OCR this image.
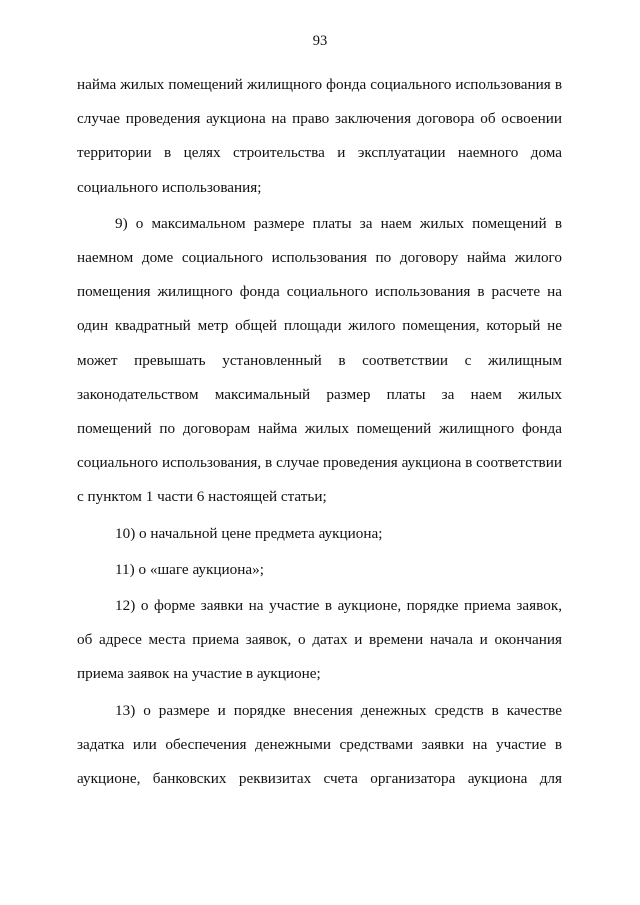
93

найма жилых помещений жилищного фонда социального использования в случае проведения аукциона на право заключения договора об освоении территории в целях строительства и эксплуатации наемного дома социального использования;

9) о максимальном размере платы за наем жилых помещений в наемном доме социального использования по договору найма жилого помещения жилищного фонда социального использования в расчете на один квадратный метр общей площади жилого помещения, который не может превышать установленный в соответствии с жилищным законодательством максимальный размер платы за наем жилых помещений по договорам найма жилых помещений жилищного фонда социального использования, в случае проведения аукциона в соответствии с пунктом 1 части 6 настоящей статьи;

10) о начальной цене предмета аукциона;

11) о «шаге аукциона»;

12) о форме заявки на участие в аукционе, порядке приема заявок, об адресе места приема заявок, о датах и времени начала и окончания приема заявок на участие в аукционе;

13) о размере и порядке внесения денежных средств в качестве задатка или обеспечения денежными средствами заявки на участие в аукционе, банковских реквизитах счета организатора аукциона для
